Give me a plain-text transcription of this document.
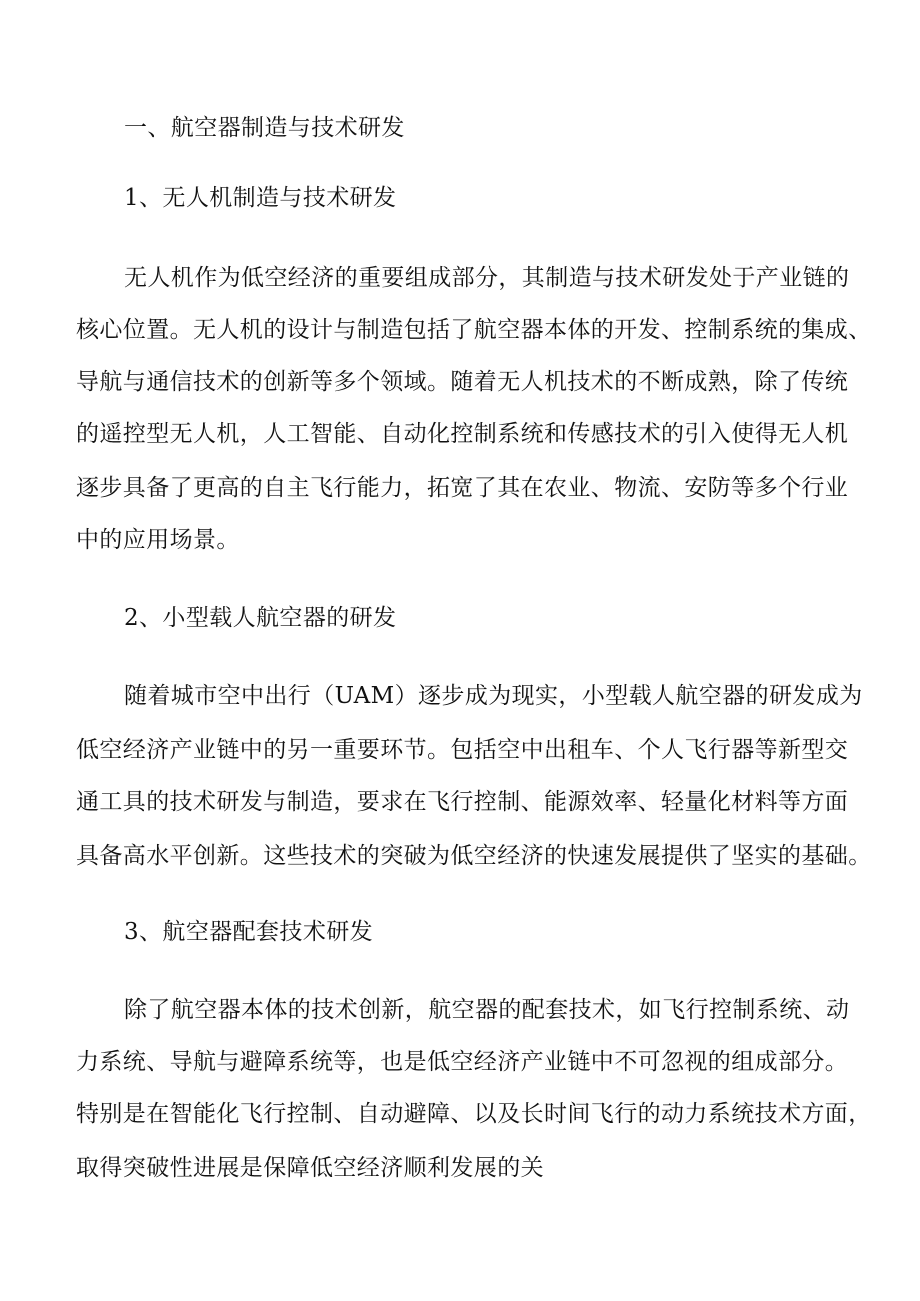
一、航空器制造与技术研发

1、无人机制造与技术研发

无人机作为低空经济的重要组成部分，其制造与技术研发处于产业链的

核心位置。无人机的设计与制造包括了航空器本体的开发、控制系统的集成、

导航与通信技术的创新等多个领域。随着无人机技术的不断成熟，除了传统

的遥控型无人机，人工智能、自动化控制系统和传感技术的引入使得无人机

逐步具备了更高的自主飞行能力，拓宽了其在农业、物流、安防等多个行业

中的应用场景。

2、小型载人航空器的研发

随着城市空中出行（UAM）逐步成为现实，小型载人航空器的研发成为

低空经济产业链中的另一重要环节。包括空中出租车、个人飞行器等新型交

通工具的技术研发与制造，要求在飞行控制、能源效率、轻量化材料等方面

具备高水平创新。这些技术的突破为低空经济的快速发展提供了坚实的基础。

3、航空器配套技术研发

除了航空器本体的技术创新，航空器的配套技术，如飞行控制系统、动

力系统、导航与避障系统等，也是低空经济产业链中不可忽视的组成部分。

特别是在智能化飞行控制、自动避障、以及长时间飞行的动力系统技术方面，

取得突破性进展是保障低空经济顺利发展的关
